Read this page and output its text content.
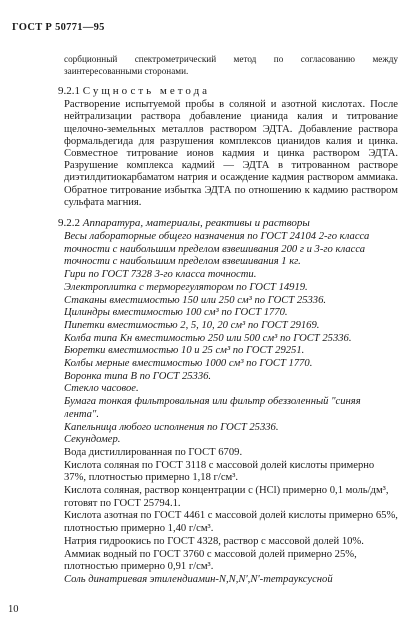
ГОСТ Р 50771—95

сорбционный спектрометрический метод по согласованию между заинтересованными сторонами.

9.2.1 Сущность метода

Растворение испытуемой пробы в соляной и азотной кислотах. После нейтрализации раствора добавление цианида калия и титрование щелочно-земельных металлов раствором ЭДТА. Добавление раствора формальдегида для разрушения комплексов цианидов калия и цинка. Совместное титрование ионов кадмия и цинка раствором ЭДТА. Разрушение комплекса кадмий — ЭДТА в титрованном растворе диэтилдитиокарбаматом натрия и осаждение кадмия раствором аммиака. Обратное титрование избытка ЭДТА по отношению к кадмию раствором сульфата магния.

9.2.2 Аппаратура, материалы, реактивы и растворы

Весы лабораторные общего назначения по ГОСТ 24104 2-го класса точности с наибольшим пределом взвешивания 200 г и 3-го класса точности с наибольшим пределом взвешивания 1 кг.

Гири по ГОСТ 7328 3-го класса точности.

Электроплитка с терморегулятором по ГОСТ 14919.

Стаканы вместимостью 150 или 250 см³ по ГОСТ 25336.

Цилиндры вместимостью 100 см³ по ГОСТ 1770.

Пипетки вместимостью 2, 5, 10, 20 см³ по ГОСТ 29169.

Колба типа Кн вместимостью 250 или 500 см³ по ГОСТ 25336.

Бюретки вместимостью 10 и 25 см³ по ГОСТ 29251.

Колбы мерные вместимостью 1000 см³ по ГОСТ 1770.

Воронка типа В по ГОСТ 25336.

Стекло часовое.

Бумага тонкая фильтровальная или фильтр обеззоленный "синяя лента".

Капельница любого исполнения по ГОСТ 25336.

Секундомер.

Вода дистиллированная по ГОСТ 6709.

Кислота соляная по ГОСТ 3118 с массовой долей кислоты примерно 37%, плотностью примерно 1,18 г/см³.

Кислота соляная, раствор концентрации c (HCl) примерно 0,1 моль/дм³, готовят по ГОСТ 25794.1.

Кислота азотная по ГОСТ 4461 с массовой долей кислоты примерно 65%, плотностью примерно 1,40 г/см³.

Натрия гидроокись по ГОСТ 4328, раствор с массовой долей 10%.

Аммиак водный по ГОСТ 3760 с массовой долей примерно 25%, плотностью примерно 0,91 г/см³.

Соль динатриевая этилендиамин-N,N,N',N'-тетрауксусной

10
